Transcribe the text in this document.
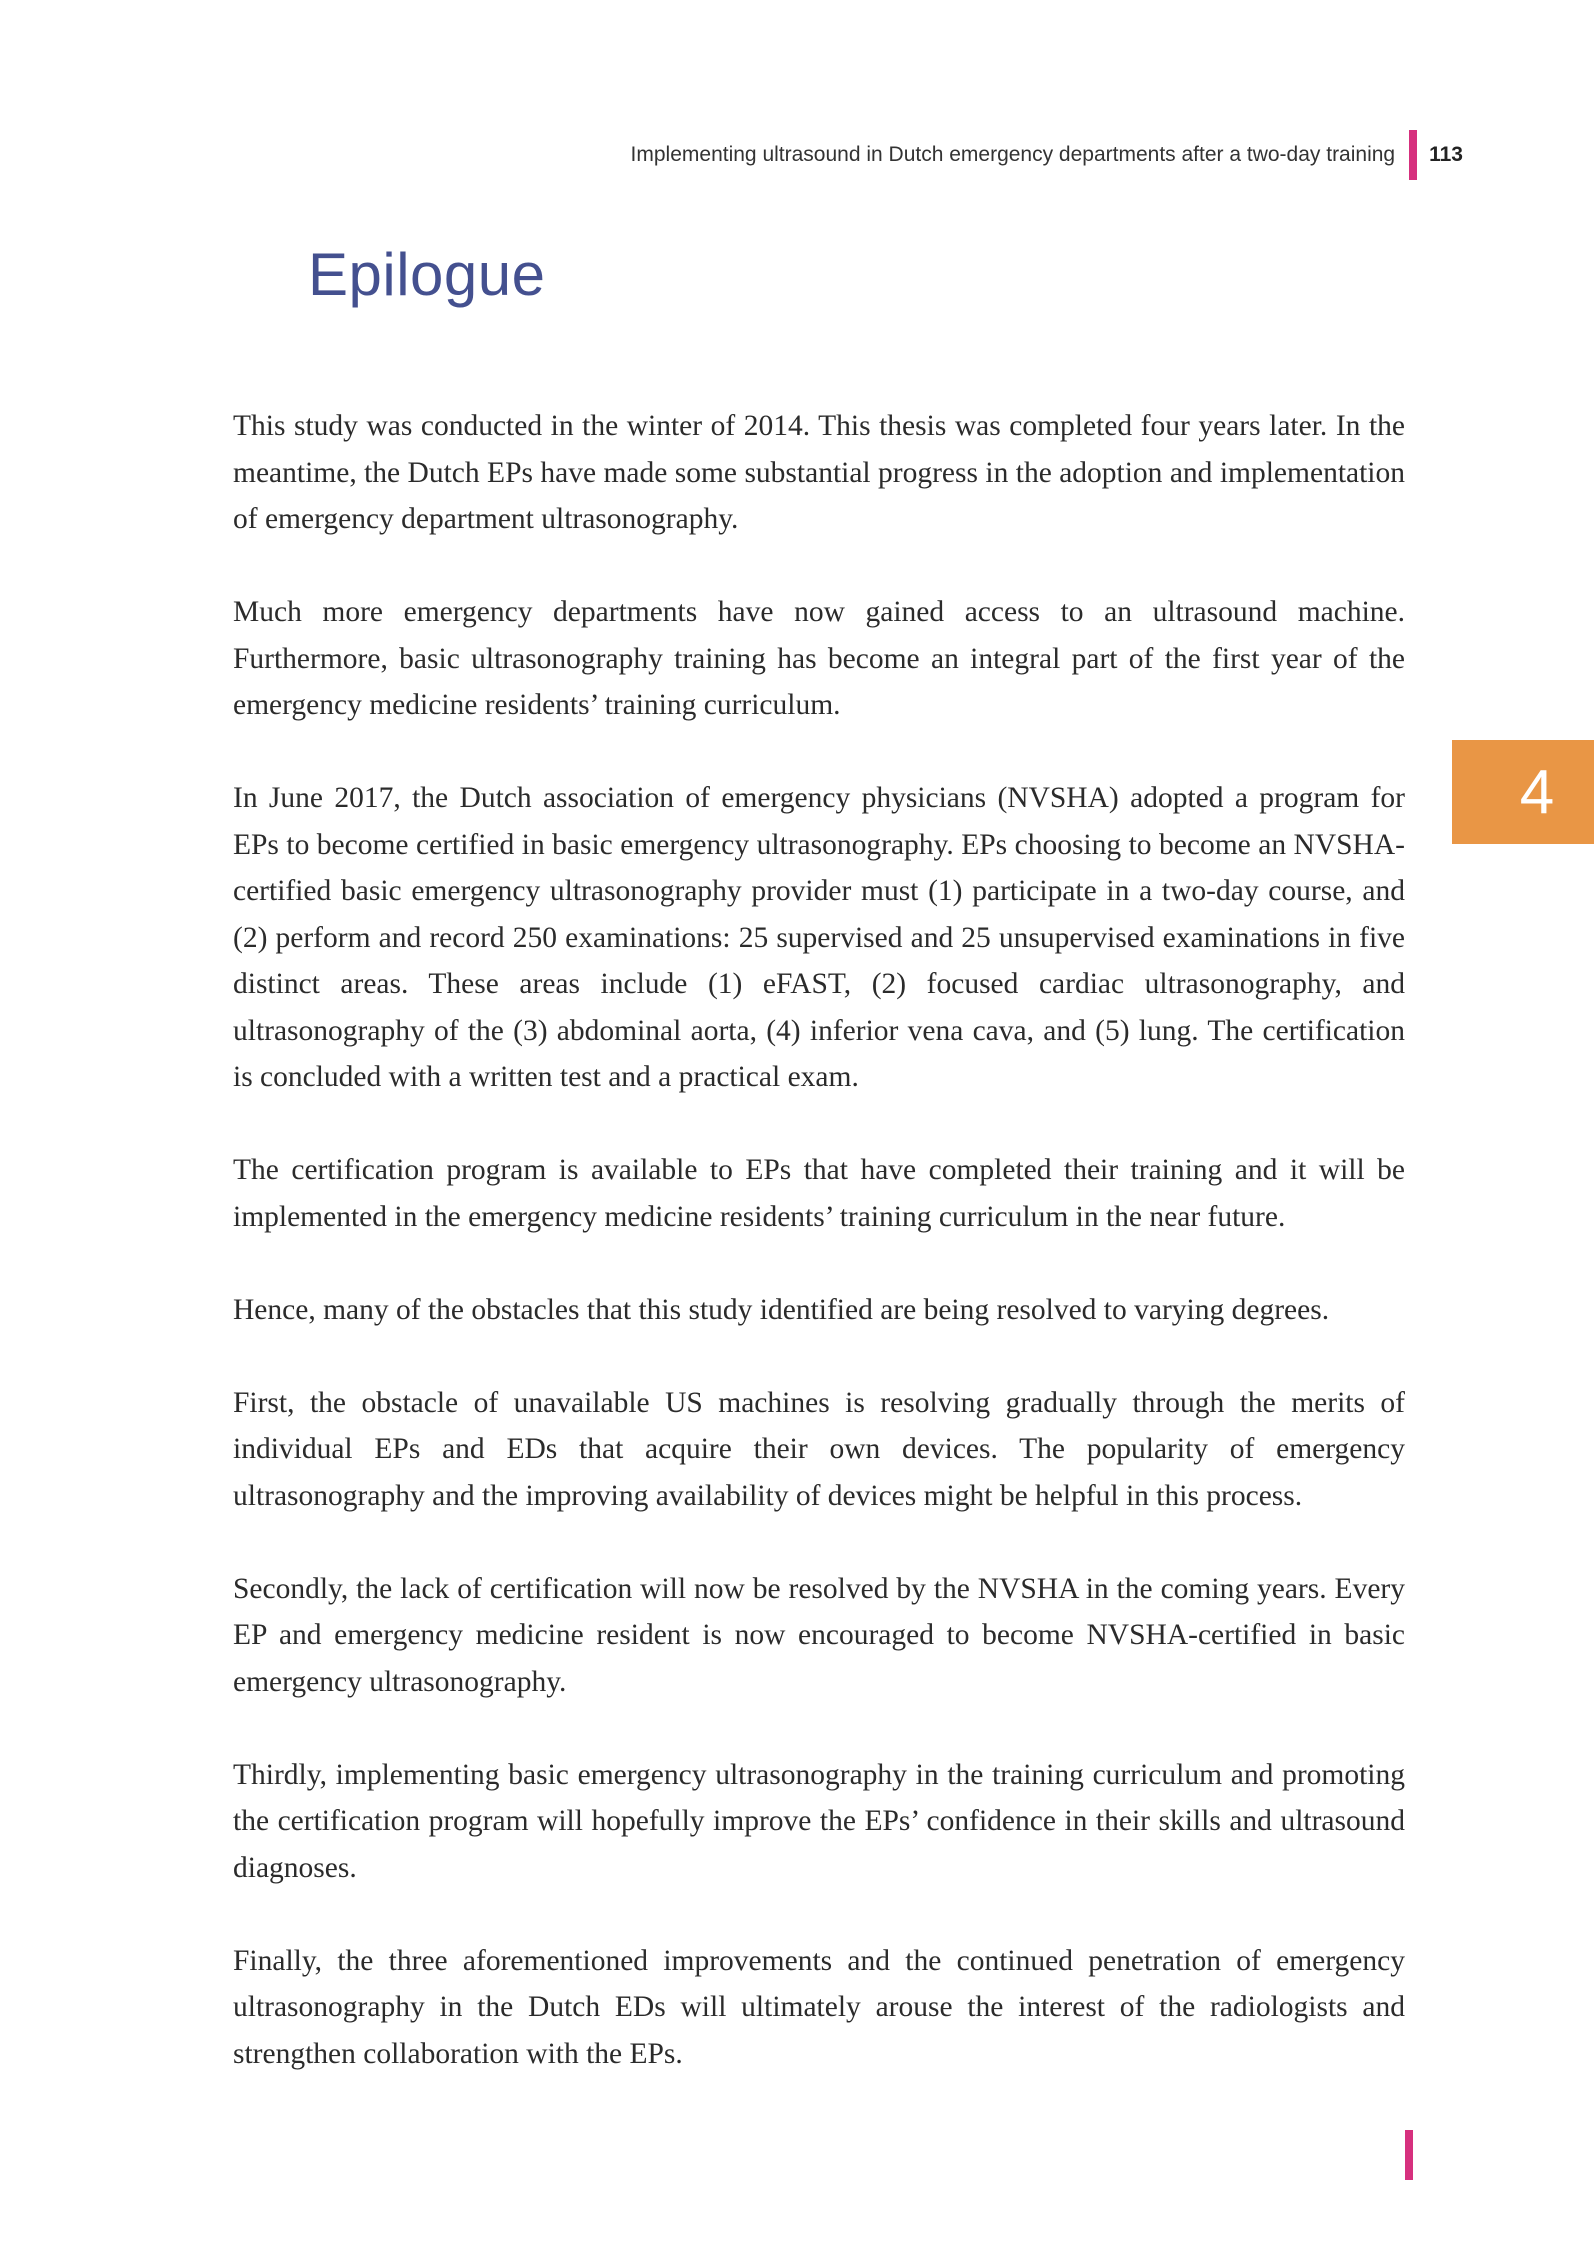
Implementing ultrasound in Dutch emergency departments after a two-day training 113
Epilogue
4

This study was conducted in the winter of 2014. This thesis was completed four years later. In the meantime, the Dutch EPs have made some substantial progress in the adoption and implementation of emergency department ultrasonography.

Much more emergency departments have now gained access to an ultrasound machine. Furthermore, basic ultrasonography training has become an integral part of the first year of the emergency medicine residents’ training curriculum.

In June 2017, the Dutch association of emergency physicians (NVSHA) adopted a program for EPs to become certified in basic emergency ultrasonography. EPs choosing to become an NVSHA-certified basic emergency ultrasonography provider must (1) participate in a two-day course, and (2) perform and record 250 examinations: 25 supervised and 25 unsupervised examinations in five distinct areas. These areas include (1) eFAST, (2) focused cardiac ultrasonography, and ultrasonography of the (3) abdominal aorta, (4) inferior vena cava, and (5) lung. The certification is concluded with a written test and a practical exam.

The certification program is available to EPs that have completed their training and it will be implemented in the emergency medicine residents’ training curriculum in the near future.

Hence, many of the obstacles that this study identified are being resolved to varying degrees.

First, the obstacle of unavailable US machines is resolving gradually through the merits of individual EPs and EDs that acquire their own devices. The popularity of emergency ultrasonography and the improving availability of devices might be helpful in this process.

Secondly, the lack of certification will now be resolved by the NVSHA in the coming years. Every EP and emergency medicine resident is now encouraged to become NVSHA-certified in basic emergency ultrasonography.

Thirdly, implementing basic emergency ultrasonography in the training curriculum and promoting the certification program will hopefully improve the EPs’ confidence in their skills and ultrasound diagnoses.

Finally, the three aforementioned improvements and the continued penetration of emergency ultrasonography in the Dutch EDs will ultimately arouse the interest of the radiologists and strengthen collaboration with the EPs.
